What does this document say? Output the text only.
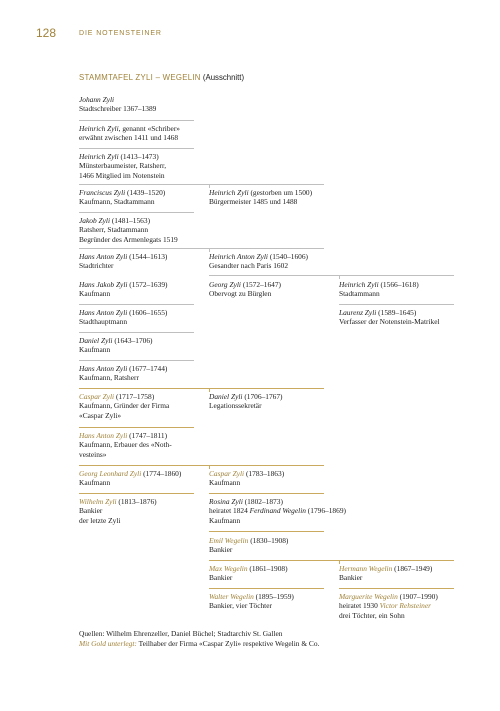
128	DIE NOTENSTEINER
STAMMTAFEL ZYLI – WEGELIN (Ausschnitt)
Johann Zyli
Stadtschreiber 1367–1389
Heinrich Zyli, genannt «Schriber»
erwähnt zwischen 1411 und 1468
Heinrich Zyli (1413–1473)
Münsterbaumeister, Ratsherr,
1466 Mitglied im Notenstein
Franciscus Zyli (1439–1520)
Kaufmann, Stadtammann
Jakob Zyli (1481–1563)
Ratsherr, Stadtammann
Begründer des Armenlegats 1519
Hans Anton Zyli (1544–1613)
Stadtrichter
Hans Jakob Zyli (1572–1639)
Kaufmann
Hans Anton Zyli (1606–1655)
Stadthauptmann
Daniel Zyli (1643–1706)
Kaufmann
Hans Anton Zyli (1677–1744)
Kaufmann, Ratsherr
Caspar Zyli (1717–1758)
Kaufmann, Gründer der Firma
«Caspar Zyli»
Hans Anton Zyli (1747–1811)
Kaufmann, Erbauer des «Noth-
vesteins»
Georg Leonhard Zyli (1774–1860)
Kaufmann
Wilhelm Zyli (1813–1876)
Bankier
der letzte Zyli
Heinrich Zyli (gestorben um 1500)
Bürgermeister 1485 und 1488
Heinrich Anton Zyli (1540–1606)
Gesandter nach Paris 1602
Georg Zyli (1572–1647)
Obervogt zu Bürglen
Daniel Zyli (1706–1767)
Legationssekretär
Caspar Zyli (1783–1863)
Kaufmann
Rosina Zyli (1802–1873)
heiratet 1824 Ferdinand Wegelin (1796–1869)
Kaufmann
Emil Wegelin (1830–1908)
Bankier
Max Wegelin (1861–1908)
Bankier
Walter Wegelin (1895–1959)
Bankier, vier Töchter
Heinrich Zyli (1566–1618)
Stadtammann
Laurenz Zyli (1589–1645)
Verfasser der Notenstein-Matrikel
Hermann Wegelin (1867–1949)
Bankier
Marguerite Wegelin (1907–1990)
heiratet 1930 Victor Rehsteiner
drei Töchter, ein Sohn
Quellen: Wilhelm Ehrenzeller, Daniel Büchel; Stadtarchiv St. Gallen
Mit Gold unterlegt: Teilhaber der Firma «Caspar Zyli» respektive Wegelin & Co.
